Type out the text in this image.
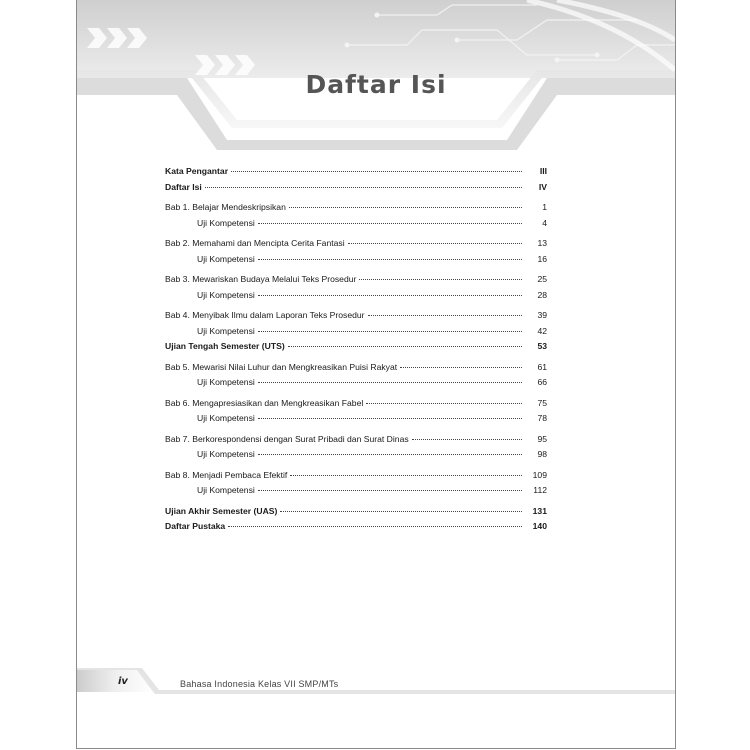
Daftar Isi
Kata Pengantar	III
Daftar Isi	IV
Bab 1. Belajar Mendeskripsikan	1
Uji Kompetensi	4
Bab 2. Memahami dan Mencipta Cerita Fantasi	13
Uji Kompetensi	16
Bab 3. Mewariskan Budaya Melalui Teks Prosedur	25
Uji Kompetensi	28
Bab 4. Menyibak Ilmu dalam Laporan Teks Prosedur	39
Uji Kompetensi	42
Ujian Tengah Semester (UTS)	53
Bab 5. Mewarisi Nilai Luhur dan Mengkreasikan Puisi Rakyat	61
Uji Kompetensi	66
Bab 6. Mengapresiasikan dan Mengkreasikan Fabel	75
Uji Kompetensi	78
Bab 7. Berkorespondensi dengan Surat Pribadi dan Surat Dinas	95
Uji Kompetensi	98
Bab 8. Menjadi Pembaca Efektif	109
Uji Kompetensi	112
Ujian Akhir Semester (UAS)	131
Daftar Pustaka	140
iv	Bahasa Indonesia Kelas VII SMP/MTs
